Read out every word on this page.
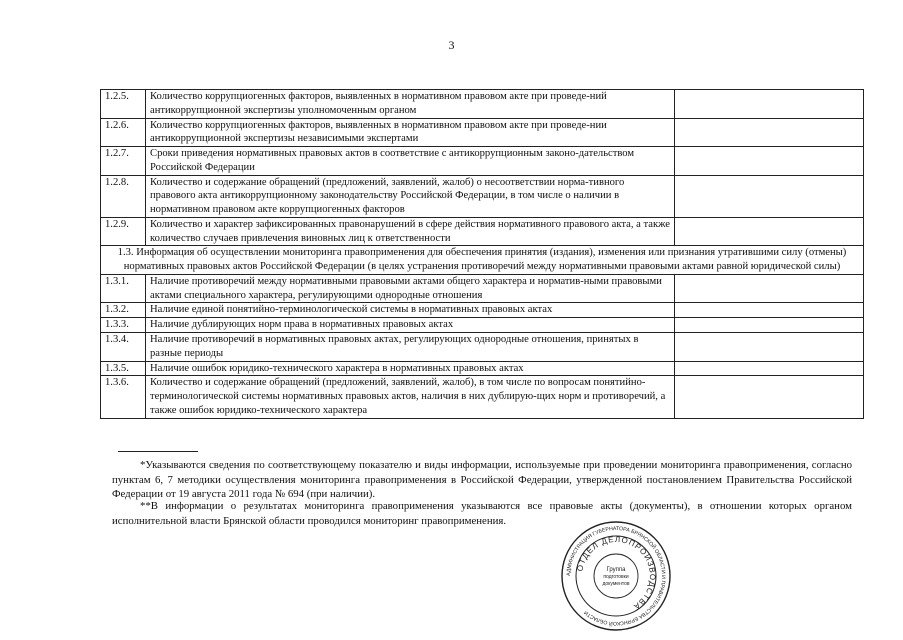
3
1.2.5.	Количество коррупциогенных факторов, выявленных в нормативном правовом акте при проведе-ний антикоррупционной экспертизы уполномоченным органом	
1.2.6.	Количество коррупциогенных факторов, выявленных в нормативном правовом акте при проведе-нии антикоррупционной экспертизы независимыми экспертами	
1.2.7.	Сроки приведения нормативных правовых актов в соответствие с антикоррупционным законо-дательством Российской Федерации	
1.2.8.	Количество и содержание обращений (предложений, заявлений, жалоб) о несоответствии норма-тивного правового акта антикоррупционному законодательству Российской Федерации, в том числе о наличии в нормативном правовом акте коррупциогенных факторов	
1.2.9.	Количество и характер зафиксированных правонарушений в сфере действия нормативного правового акта, а также количество случаев привлечения виновных лиц к ответственности	
1.3. Информация об осуществлении мониторинга правоприменения для обеспечения принятия (издания), изменения или признания утратившими силу (отмены) нормативных правовых актов Российской Федерации (в целях устранения противоречий между нормативными правовыми актами равной юридической силы)		
1.3.1.	Наличие противоречий между нормативными правовыми актами общего характера и норматив-ными правовыми актами специального характера, регулирующими однородные отношения	
1.3.2.	Наличие единой понятийно-терминологической системы в нормативных правовых актах	
1.3.3.	Наличие дублирующих норм права в нормативных правовых актах	
1.3.4.	Наличие противоречий в нормативных правовых актах, регулирующих однородные отношения, принятых в разные периоды	
1.3.5.	Наличие ошибок юридико-технического характера в нормативных правовых актах	
1.3.6.	Количество и содержание обращений (предложений, заявлений, жалоб), в том числе по вопросам понятийно-терминологической системы нормативных правовых актов, наличия в них дублирую-щих норм и противоречий, а также ошибок юридико-технического характера	

*Указываются сведения по соответствующему показателю и виды информации, используемые при проведении мониторинга правоприменения, согласно пунктам 6, 7 методики осуществления мониторинга правоприменения в Российской Федерации, утвержденной постановлением Правительства Российской Федерации от 19 августа 2011 года № 694 (при наличии).

**В информации о результатах мониторинга правоприменения указываются все правовые акты (документы), в отношении которых органом исполнительной власти Брянской области проводился мониторинг правоприменения.

АДМИНИСТРАЦИЯ ГУБЕРНАТОРА БРЯНСКОЙ ОБЛАСТИ И ПРАВИТЕЛЬСТВА БРЯНСКОЙ ОБЛАСТИ
ОТДЕЛ ДЕЛОПРОИЗВОДСТВА
Группа
подготовки
документов
